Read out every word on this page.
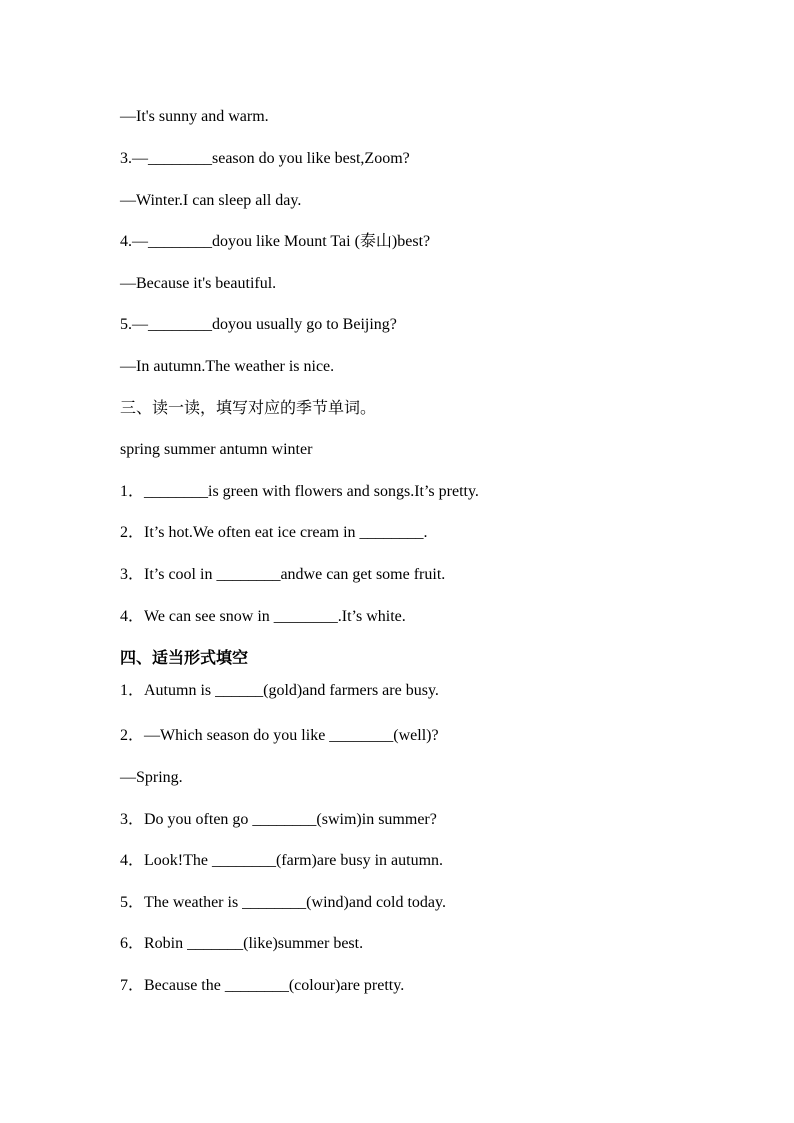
—It's sunny and warm.
3.—________season do you like best,Zoom?
—Winter.I can sleep all day.
4.—________doyou like Mount Tai (泰山)best?
—Because it's beautiful.
5.—________doyou usually go to Beijing?
—In autumn.The weather is nice.
三、读一读，填写对应的季节单词。
spring summer antumn winter
1．________is green with flowers and songs.It’s pretty.
2．It’s hot.We often eat ice cream in ________.
3．It’s cool in ________andwe can get some fruit.
4．We can see snow in ________.It’s white.
四、适当形式填空
1．Autumn is ______(gold)and farmers are busy.
2．—Which season do you like ________(well)?
—Spring.
3．Do you often go ________(swim)in summer?
4．Look!The ________(farm)are busy in autumn.
5．The weather is ________(wind)and cold today.
6．Robin _______(like)summer best.
7．Because the ________(colour)are pretty.
